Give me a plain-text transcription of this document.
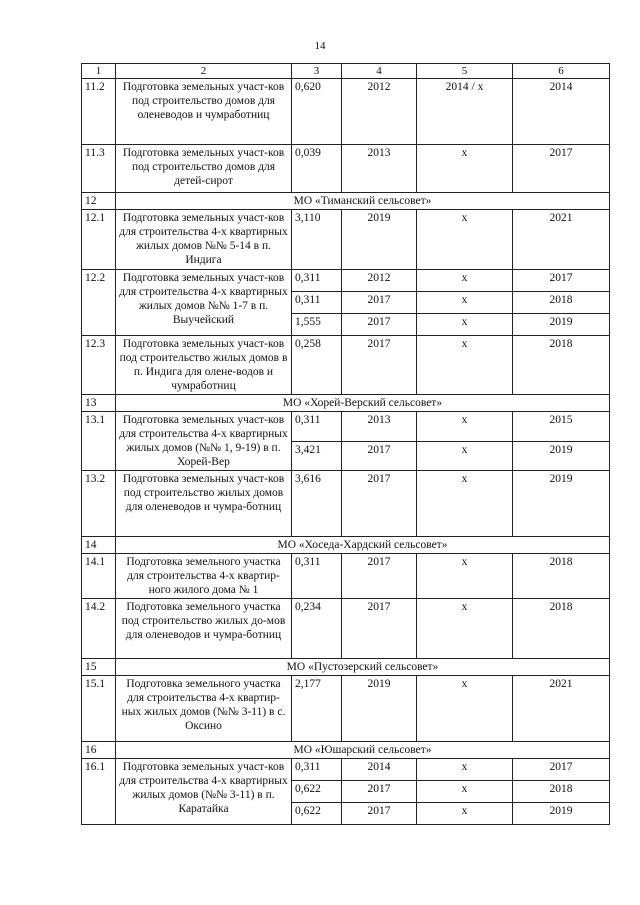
14
1	2	3	4	5	6
11.2	Подготовка земельных участ-ков под строительство домов для оленеводов и чумработниц	0,620	2012	2014 / х	2014
11.3	Подготовка земельных участ-ков под строительство домов для детей-сирот	0,039	2013	х	2017
12	МО «Тиманский сельсовет»				
12.1	Подготовка земельных участ-ков для строительства 4-х квартирных жилых домов №№ 5-14 в п. Индига	3,110	2019	х	2021
12.2	Подготовка земельных участ-ков для строительства 4-х квартирных жилых домов №№ 1-7 в п. Выучейский	0,311	2012	х	2017
		0,311	2017	х	2018
		1,555	2017	х	2019
12.3	Подготовка земельных участ-ков под строительство жилых домов в п. Индига для олене-водов и чумработниц	0,258	2017	х	2018
13	МО «Хорей-Верский сельсовет»				
13.1	Подготовка земельных участ-ков для строительства 4-х квартирных жилых домов (№№ 1, 9-19) в п. Хорей-Вер	0,311	2013	х	2015
		3,421	2017	х	2019
13.2	Подготовка земельных участ-ков под строительство жилых домов для оленеводов и чумра-ботниц	3,616	2017	х	2019
14	МО «Хоседа-Хардский сельсовет»				
14.1	Подготовка земельного участка для строительства 4-х квартир-ного жилого дома № 1	0,311	2017	х	2018
14.2	Подготовка земельного участка под строительство жилых до-мов для оленеводов и чумра-ботниц	0,234	2017	х	2018
15	МО «Пустозерский сельсовет»				
15.1	Подготовка земельного участка для строительства 4-х квартир-ных жилых домов (№№ 3-11) в с. Оксино	2,177	2019	х	2021
16	МО «Юшарский сельсовет»				
16.1	Подготовка земельных участ-ков для строительства 4-х квартирных жилых домов (№№ 3-11) в п. Каратайка	0,311	2014	х	2017
		0,622	2017	х	2018
		0,622	2017	х	2019
